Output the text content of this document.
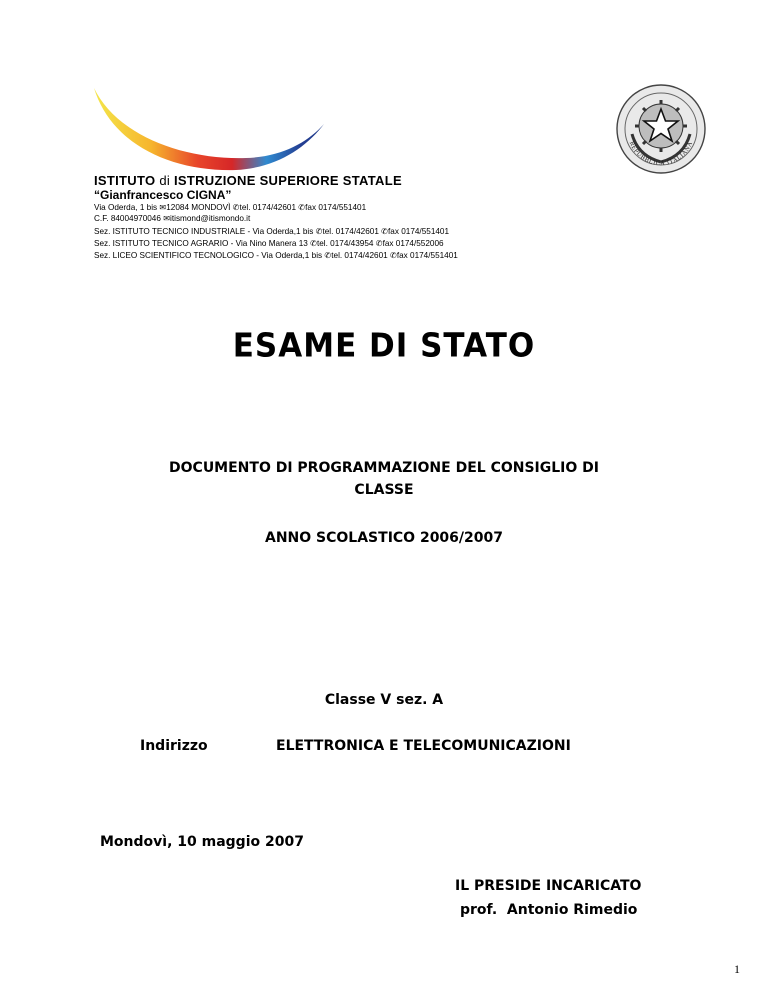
ISTITUTO di ISTRUZIONE SUPERIORE STATALE
“Gianfrancesco CIGNA”
Via Oderda, 1 bis ✉12084 MONDOVÌ ✆tel. 0174/42601 ✆fax 0174/551401
C.F. 84004970046 ✉itismond@itismondo.it
Sez. ISTITUTO TECNICO INDUSTRIALE - Via Oderda,1 bis ✆tel. 0174/42601 ✆fax 0174/551401
Sez. ISTITUTO TECNICO AGRARIO - Via Nino Manera 13 ✆tel. 0174/43954 ✆fax 0174/552006
Sez. LICEO SCIENTIFICO TECNOLOGICO - Via Oderda,1 bis ✆tel. 0174/42601 ✆fax 0174/551401
REPUBBLICA ITALIANA
ESAME DI STATO
DOCUMENTO DI PROGRAMMAZIONE DEL CONSIGLIO DI
CLASSE
ANNO SCOLASTICO 2006/2007
Classe V sez. A
Indirizzo	ELETTRONICA E TELECOMUNICAZIONI
Mondovì, 10 maggio 2007
IL PRESIDE INCARICATO
prof.  Antonio Rimedio
1
